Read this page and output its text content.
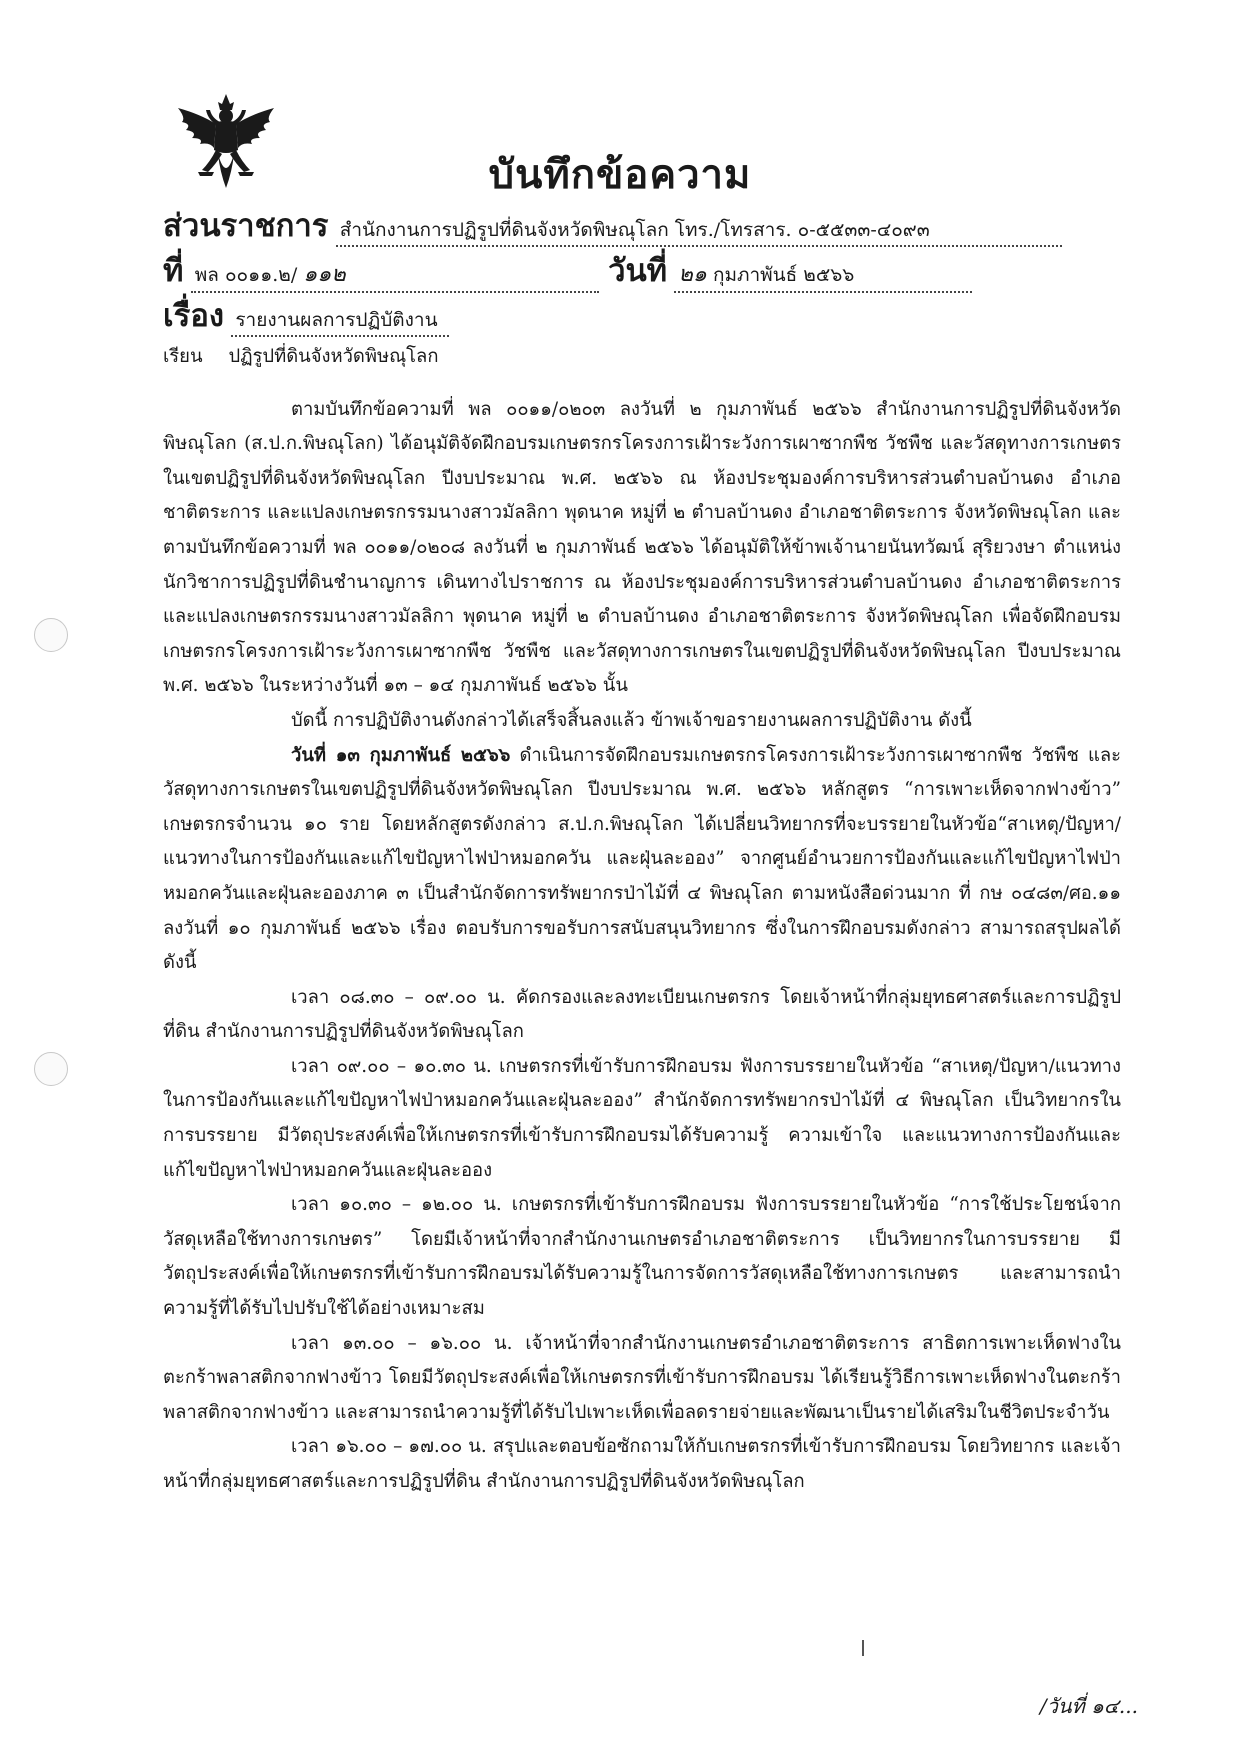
บันทึกข้อความ
ส่วนราชการ สำนักงานการปฏิรูปที่ดินจังหวัดพิษณุโลก โทร./โทรสาร. ๐-๕๕๓๓-๔๐๙๓
ที่ พล ๐๐๑๑.๒/ ๑๑๒	วันที่ ๒๑ กุมภาพันธ์ ๒๕๖๖
เรื่อง รายงานผลการปฏิบัติงาน

เรียน ปฏิรูปที่ดินจังหวัดพิษณุโลก

ตามบันทึกข้อความที่ พล ๐๐๑๑/๐๒๐๓ ลงวันที่ ๒ กุมภาพันธ์ ๒๕๖๖ สำนักงานการปฏิรูปที่ดินจังหวัดพิษณุโลก (ส.ป.ก.พิษณุโลก) ได้อนุมัติจัดฝึกอบรมเกษตรกรโครงการเฝ้าระวังการเผาซากพืช วัชพืช และวัสดุทางการเกษตรในเขตปฏิรูปที่ดินจังหวัดพิษณุโลก ปีงบประมาณ พ.ศ. ๒๕๖๖ ณ ห้องประชุมองค์การบริหารส่วนตำบลบ้านดง อำเภอชาติตระการ และแปลงเกษตรกรรมนางสาวมัลลิกา พุดนาค หมู่ที่ ๒ ตำบลบ้านดง อำเภอชาติตระการ จังหวัดพิษณุโลก และตามบันทึกข้อความที่ พล ๐๐๑๑/๐๒๐๘ ลงวันที่ ๒ กุมภาพันธ์ ๒๕๖๖ ได้อนุมัติให้ข้าพเจ้านายนันทวัฒน์ สุริยวงษา ตำแหน่ง นักวิชาการปฏิรูปที่ดินชำนาญการ เดินทางไปราชการ ณ ห้องประชุมองค์การบริหารส่วนตำบลบ้านดง อำเภอชาติตระการ และแปลงเกษตรกรรมนางสาวมัลลิกา พุดนาค หมู่ที่ ๒ ตำบลบ้านดง อำเภอชาติตระการ จังหวัดพิษณุโลก เพื่อจัดฝึกอบรมเกษตรกรโครงการเฝ้าระวังการเผาซากพืช วัชพืช และวัสดุทางการเกษตรในเขตปฏิรูปที่ดินจังหวัดพิษณุโลก ปีงบประมาณ พ.ศ. ๒๕๖๖ ในระหว่างวันที่ ๑๓ – ๑๔ กุมภาพันธ์ ๒๕๖๖ นั้น

บัดนี้ การปฏิบัติงานดังกล่าวได้เสร็จสิ้นลงแล้ว ข้าพเจ้าขอรายงานผลการปฏิบัติงาน ดังนี้

วันที่ ๑๓ กุมภาพันธ์ ๒๕๖๖ ดำเนินการจัดฝึกอบรมเกษตรกรโครงการเฝ้าระวังการเผาซากพืช วัชพืช และวัสดุทางการเกษตรในเขตปฏิรูปที่ดินจังหวัดพิษณุโลก ปีงบประมาณ พ.ศ. ๒๕๖๖ หลักสูตร “การเพาะเห็ดจากฟางข้าว” เกษตรกรจำนวน ๑๐ ราย โดยหลักสูตรดังกล่าว ส.ป.ก.พิษณุโลก ได้เปลี่ยนวิทยากรที่จะบรรยายในหัวข้อ“สาเหตุ/ปัญหา/แนวทางในการป้องกันและแก้ไขปัญหาไฟป่าหมอกควัน และฝุ่นละออง” จากศูนย์อำนวยการป้องกันและแก้ไขปัญหาไฟป่าหมอกควันและฝุ่นละอองภาค ๓ เป็นสำนักจัดการทรัพยากรป่าไม้ที่ ๔ พิษณุโลก ตามหนังสือด่วนมาก ที่ กษ ๐๔๘๓/ศอ.๑๑ ลงวันที่ ๑๐ กุมภาพันธ์ ๒๕๖๖ เรื่อง ตอบรับการขอรับการสนับสนุนวิทยากร ซึ่งในการฝึกอบรมดังกล่าว สามารถสรุปผลได้ ดังนี้

เวลา ๐๘.๓๐ – ๐๙.๐๐ น. คัดกรองและลงทะเบียนเกษตรกร โดยเจ้าหน้าที่กลุ่มยุทธศาสตร์และการปฏิรูปที่ดิน สำนักงานการปฏิรูปที่ดินจังหวัดพิษณุโลก

เวลา ๐๙.๐๐ – ๑๐.๓๐ น. เกษตรกรที่เข้ารับการฝึกอบรม ฟังการบรรยายในหัวข้อ “สาเหตุ/ปัญหา/แนวทางในการป้องกันและแก้ไขปัญหาไฟป่าหมอกควันและฝุ่นละออง” สำนักจัดการทรัพยากรป่าไม้ที่ ๔ พิษณุโลก เป็นวิทยากรในการบรรยาย มีวัตถุประสงค์เพื่อให้เกษตรกรที่เข้ารับการฝึกอบรมได้รับความรู้ ความเข้าใจ และแนวทางการป้องกันและแก้ไขปัญหาไฟป่าหมอกควันและฝุ่นละออง

เวลา ๑๐.๓๐ – ๑๒.๐๐ น. เกษตรกรที่เข้ารับการฝึกอบรม ฟังการบรรยายในหัวข้อ “การใช้ประโยชน์จากวัสดุเหลือใช้ทางการเกษตร” โดยมีเจ้าหน้าที่จากสำนักงานเกษตรอำเภอชาติตระการ เป็นวิทยากรในการบรรยาย มีวัตถุประสงค์เพื่อให้เกษตรกรที่เข้ารับการฝึกอบรมได้รับความรู้ในการจัดการวัสดุเหลือใช้ทางการเกษตร และสามารถนำความรู้ที่ได้รับไปปรับใช้ได้อย่างเหมาะสม

เวลา ๑๓.๐๐ – ๑๖.๐๐ น. เจ้าหน้าที่จากสำนักงานเกษตรอำเภอชาติตระการ สาธิตการเพาะเห็ดฟางในตะกร้าพลาสติกจากฟางข้าว โดยมีวัตถุประสงค์เพื่อให้เกษตรกรที่เข้ารับการฝึกอบรม ได้เรียนรู้วิธีการเพาะเห็ดฟางในตะกร้าพลาสติกจากฟางข้าว และสามารถนำความรู้ที่ได้รับไปเพาะเห็ดเพื่อลดรายจ่ายและพัฒนาเป็นรายได้เสริมในชีวิตประจำวัน

เวลา ๑๖.๐๐ – ๑๗.๐๐ น. สรุปและตอบข้อซักถามให้กับเกษตรกรที่เข้ารับการฝึกอบรม โดยวิทยากร และเจ้าหน้าที่กลุ่มยุทธศาสตร์และการปฏิรูปที่ดิน สำนักงานการปฏิรูปที่ดินจังหวัดพิษณุโลก

/วันที่ ๑๔...
